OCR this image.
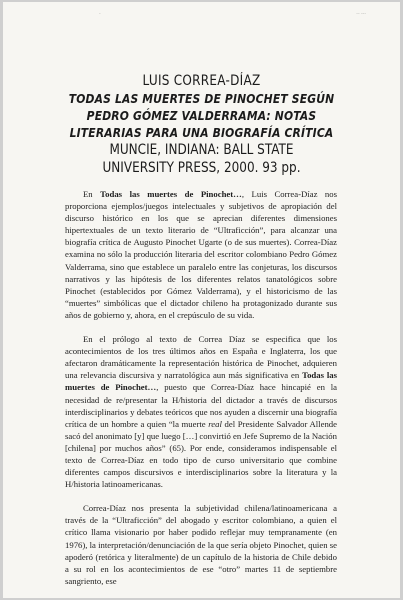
-	-- ---
LUIS CORREA-DÍAZ
TODAS LAS MUERTES DE PINOCHET SEGÚN
PEDRO GÓMEZ VALDERRAMA: NOTAS
LITERARIAS PARA UNA BIOGRAFÍA CRÍTICA
MUNCIE, INDIANA: BALL STATE
UNIVERSITY PRESS, 2000. 93 pp.

En Todas las muertes de Pinochet…, Luis Correa-Díaz nos proporciona ejemplos/juegos intelectuales y subjetivos de apropiación del discurso histórico en los que se aprecian diferentes dimensiones hipertextuales de un texto literario de “Ultraficción”, para alcanzar una biografía crítica de Augusto Pinochet Ugarte (o de sus muertes). Correa-Díaz examina no sólo la producción literaria del escritor colombiano Pedro Gómez Valderrama, sino que establece un paralelo entre las conjeturas, los discursos narrativos y las hipótesis de los diferentes relatos tanatológicos sobre Pinochet (establecidos por Gómez Valderrama), y el historicismo de las “muertes” simbólicas que el dictador chileno ha protagonizado durante sus años de gobierno y, ahora, en el crepúsculo de su vida.

En el prólogo al texto de Correa Díaz se especifica que los acontecimientos de los tres últimos años en España e Inglaterra, los que afectaron dramáticamente la representación histórica de Pinochet, adquieren una relevancia discursiva y narratológica aun más significativa en Todas las muertes de Pinochet…, puesto que Correa-Díaz hace hincapié en la necesidad de re/presentar la H/historia del dictador a través de discursos interdisciplinarios y debates teóricos que nos ayuden a discernir una biografía crítica de un hombre a quien “la muerte real del Presidente Salvador Allende sacó del anonimato [y] que luego […] convirtió en Jefe Supremo de la Nación [chilena] por muchos años” (65). Por ende, consideramos indispensable el texto de Correa-Díaz en todo tipo de curso universitario que combine diferentes campos discursivos e interdisciplinarios sobre la literatura y la H/historia latinoamericanas.

Correa-Díaz nos presenta la subjetividad chilena/latinoamericana a través de la “Ultraficción” del abogado y escritor colombiano, a quien el crítico llama visionario por haber podido reflejar muy tempranamente (en 1976), la interpretación/denunciación de la que sería objeto Pinochet, quien se apoderó (retórica y literalmente) de un capítulo de la historia de Chile debido a su rol en los acontecimientos de ese “otro” martes 11 de septiembre sangriento, ese
